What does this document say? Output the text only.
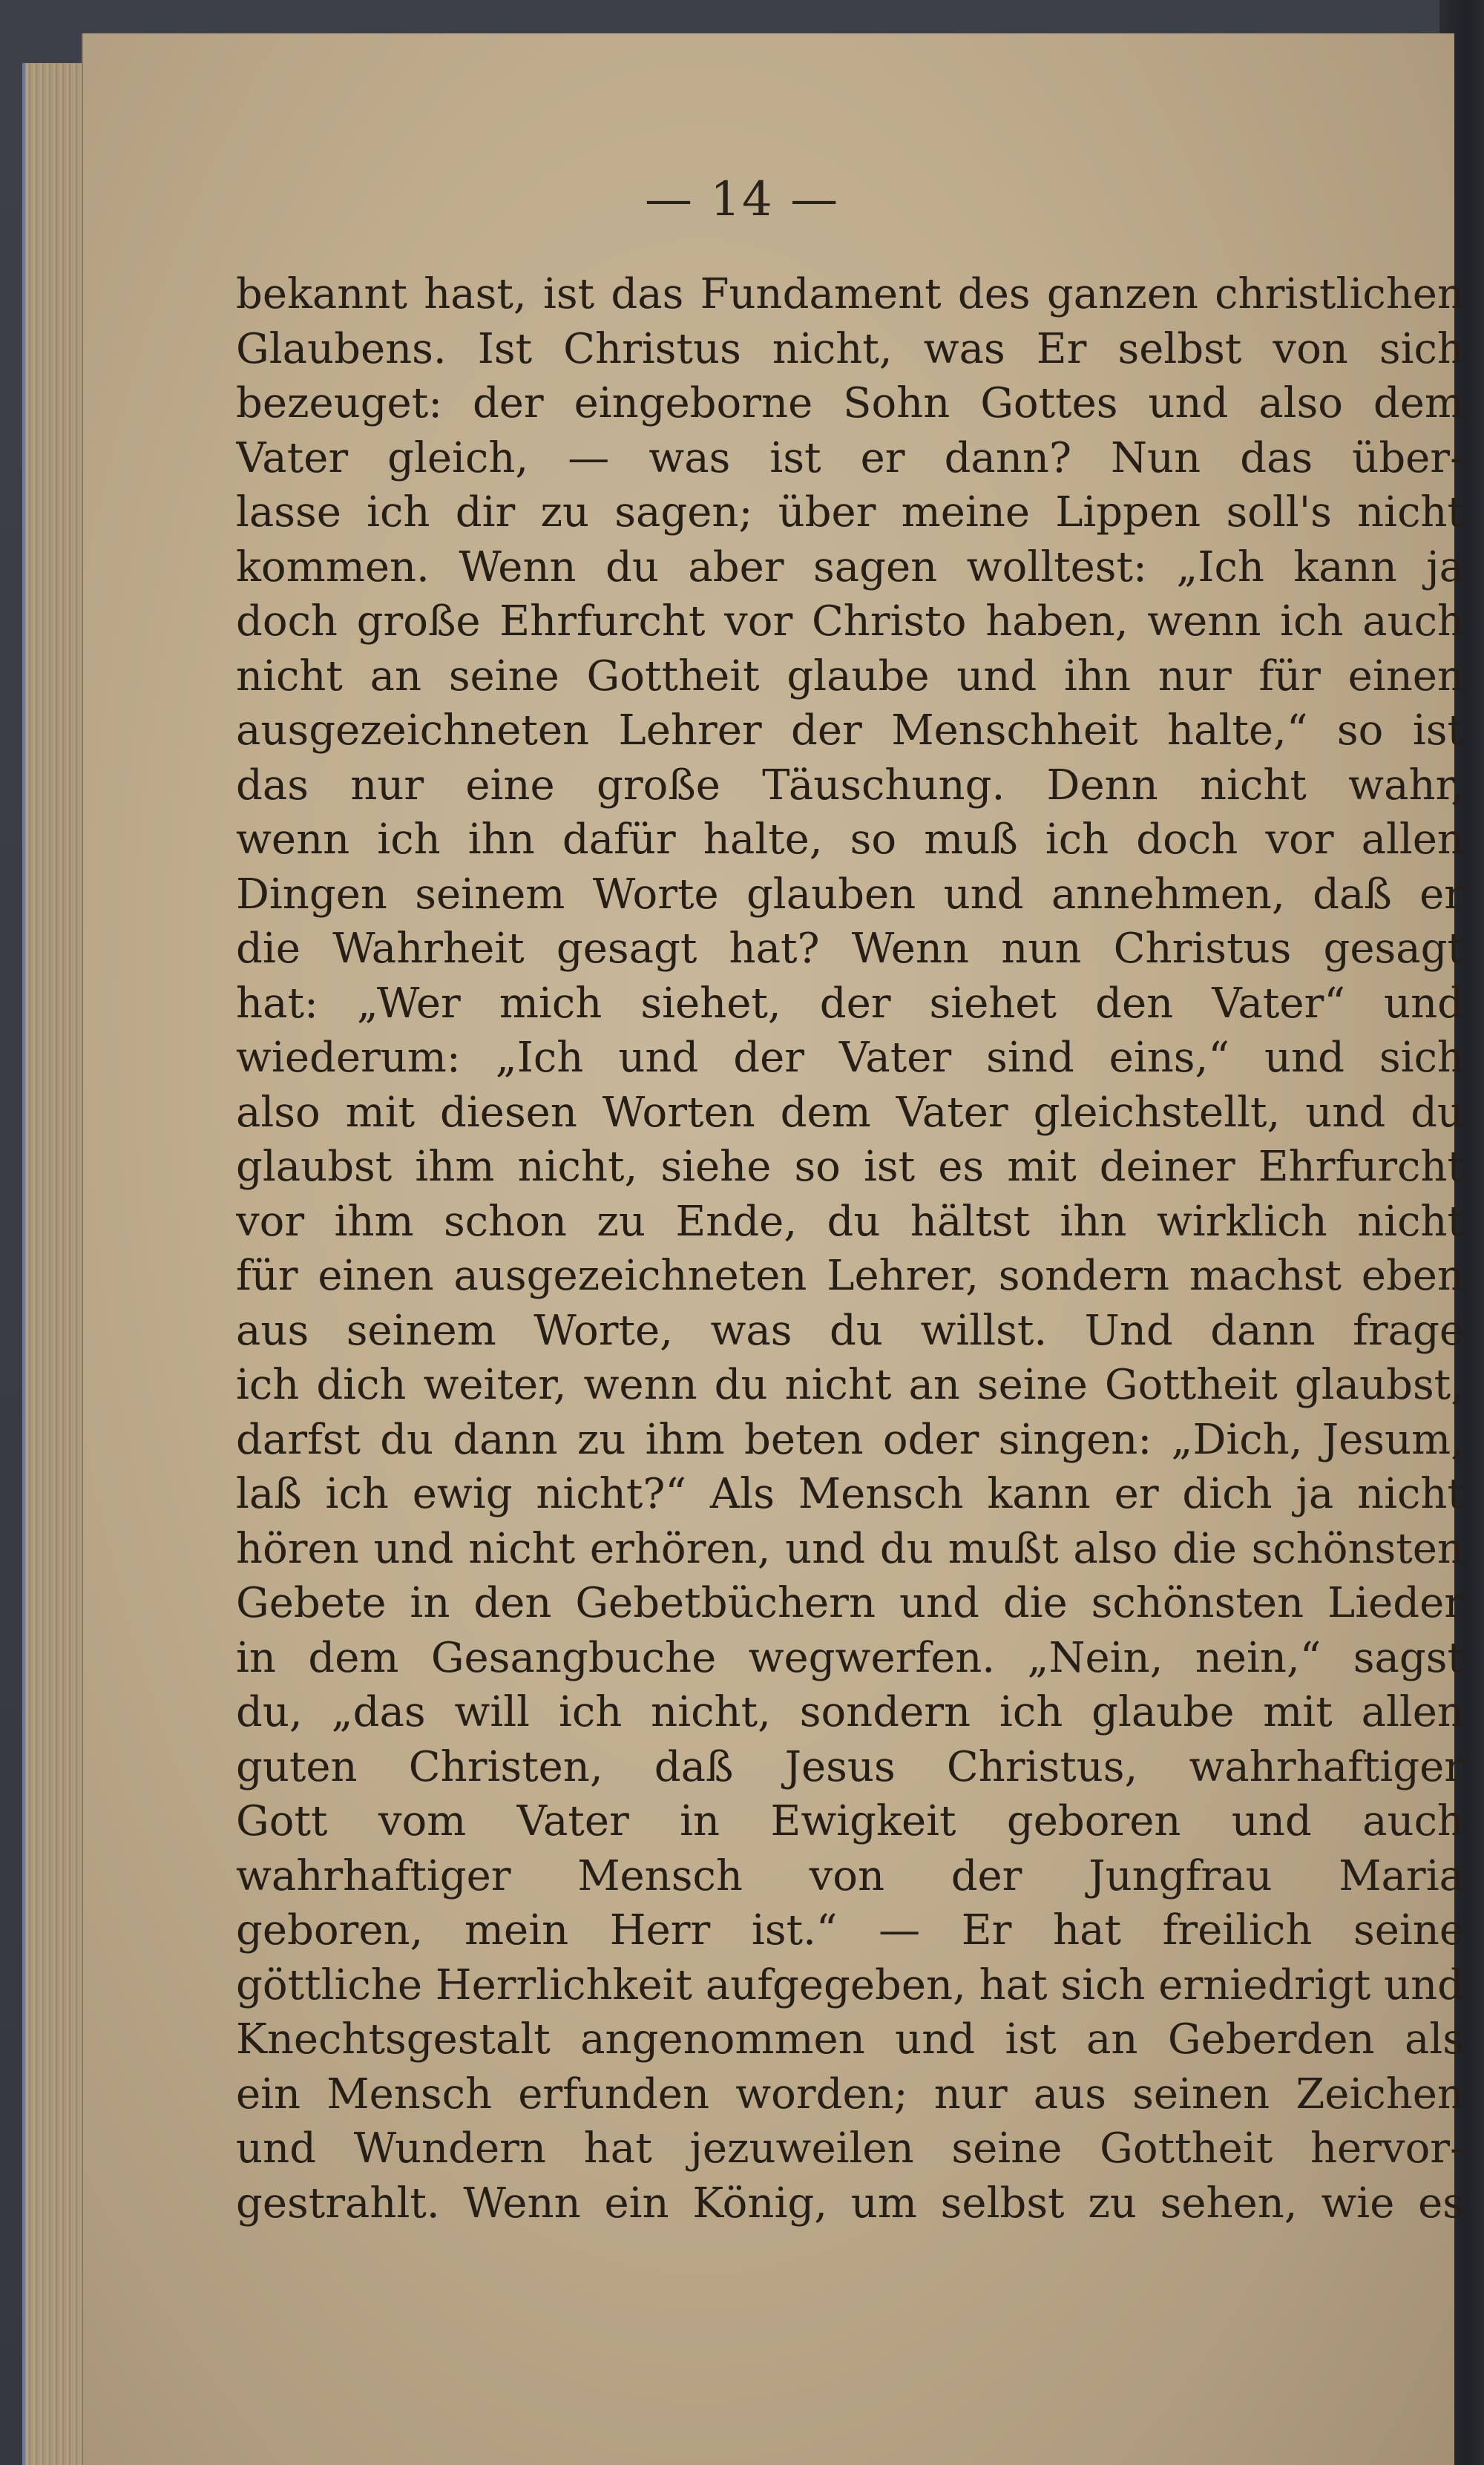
— 14 —
bekannt hast, ist das Fundament des ganzen christlichen
Glaubens. Ist Christus nicht, was Er selbst von sich
bezeuget: der eingeborne Sohn Gottes und also dem
Vater gleich, — was ist er dann? Nun das über-
lasse ich dir zu sagen; über meine Lippen soll's nicht
kommen. Wenn du aber sagen wolltest: „Ich kann ja
doch große Ehrfurcht vor Christo haben, wenn ich auch
nicht an seine Gottheit glaube und ihn nur für einen
ausgezeichneten Lehrer der Menschheit halte,“ so ist
das nur eine große Täuschung. Denn nicht wahr,
wenn ich ihn dafür halte, so muß ich doch vor allen
Dingen seinem Worte glauben und annehmen, daß er
die Wahrheit gesagt hat? Wenn nun Christus gesagt
hat: „Wer mich siehet, der siehet den Vater“ und
wiederum: „Ich und der Vater sind eins,“ und sich
also mit diesen Worten dem Vater gleichstellt, und du
glaubst ihm nicht, siehe so ist es mit deiner Ehrfurcht
vor ihm schon zu Ende, du hältst ihn wirklich nicht
für einen ausgezeichneten Lehrer, sondern machst eben
aus seinem Worte, was du willst. Und dann frage
ich dich weiter, wenn du nicht an seine Gottheit glaubst,
darfst du dann zu ihm beten oder singen: „Dich, Jesum,
laß ich ewig nicht?“ Als Mensch kann er dich ja nicht
hören und nicht erhören, und du mußt also die schönsten
Gebete in den Gebetbüchern und die schönsten Lieder
in dem Gesangbuche wegwerfen. „Nein, nein,“ sagst
du, „das will ich nicht, sondern ich glaube mit allen
guten Christen, daß Jesus Christus, wahrhaftiger
Gott vom Vater in Ewigkeit geboren und auch
wahrhaftiger Mensch von der Jungfrau Maria
geboren, mein Herr ist.“ — Er hat freilich seine
göttliche Herrlichkeit aufgegeben, hat sich erniedrigt und
Knechtsgestalt angenommen und ist an Geberden als
ein Mensch erfunden worden; nur aus seinen Zeichen
und Wundern hat jezuweilen seine Gottheit hervor-
gestrahlt. Wenn ein König, um selbst zu sehen, wie es
